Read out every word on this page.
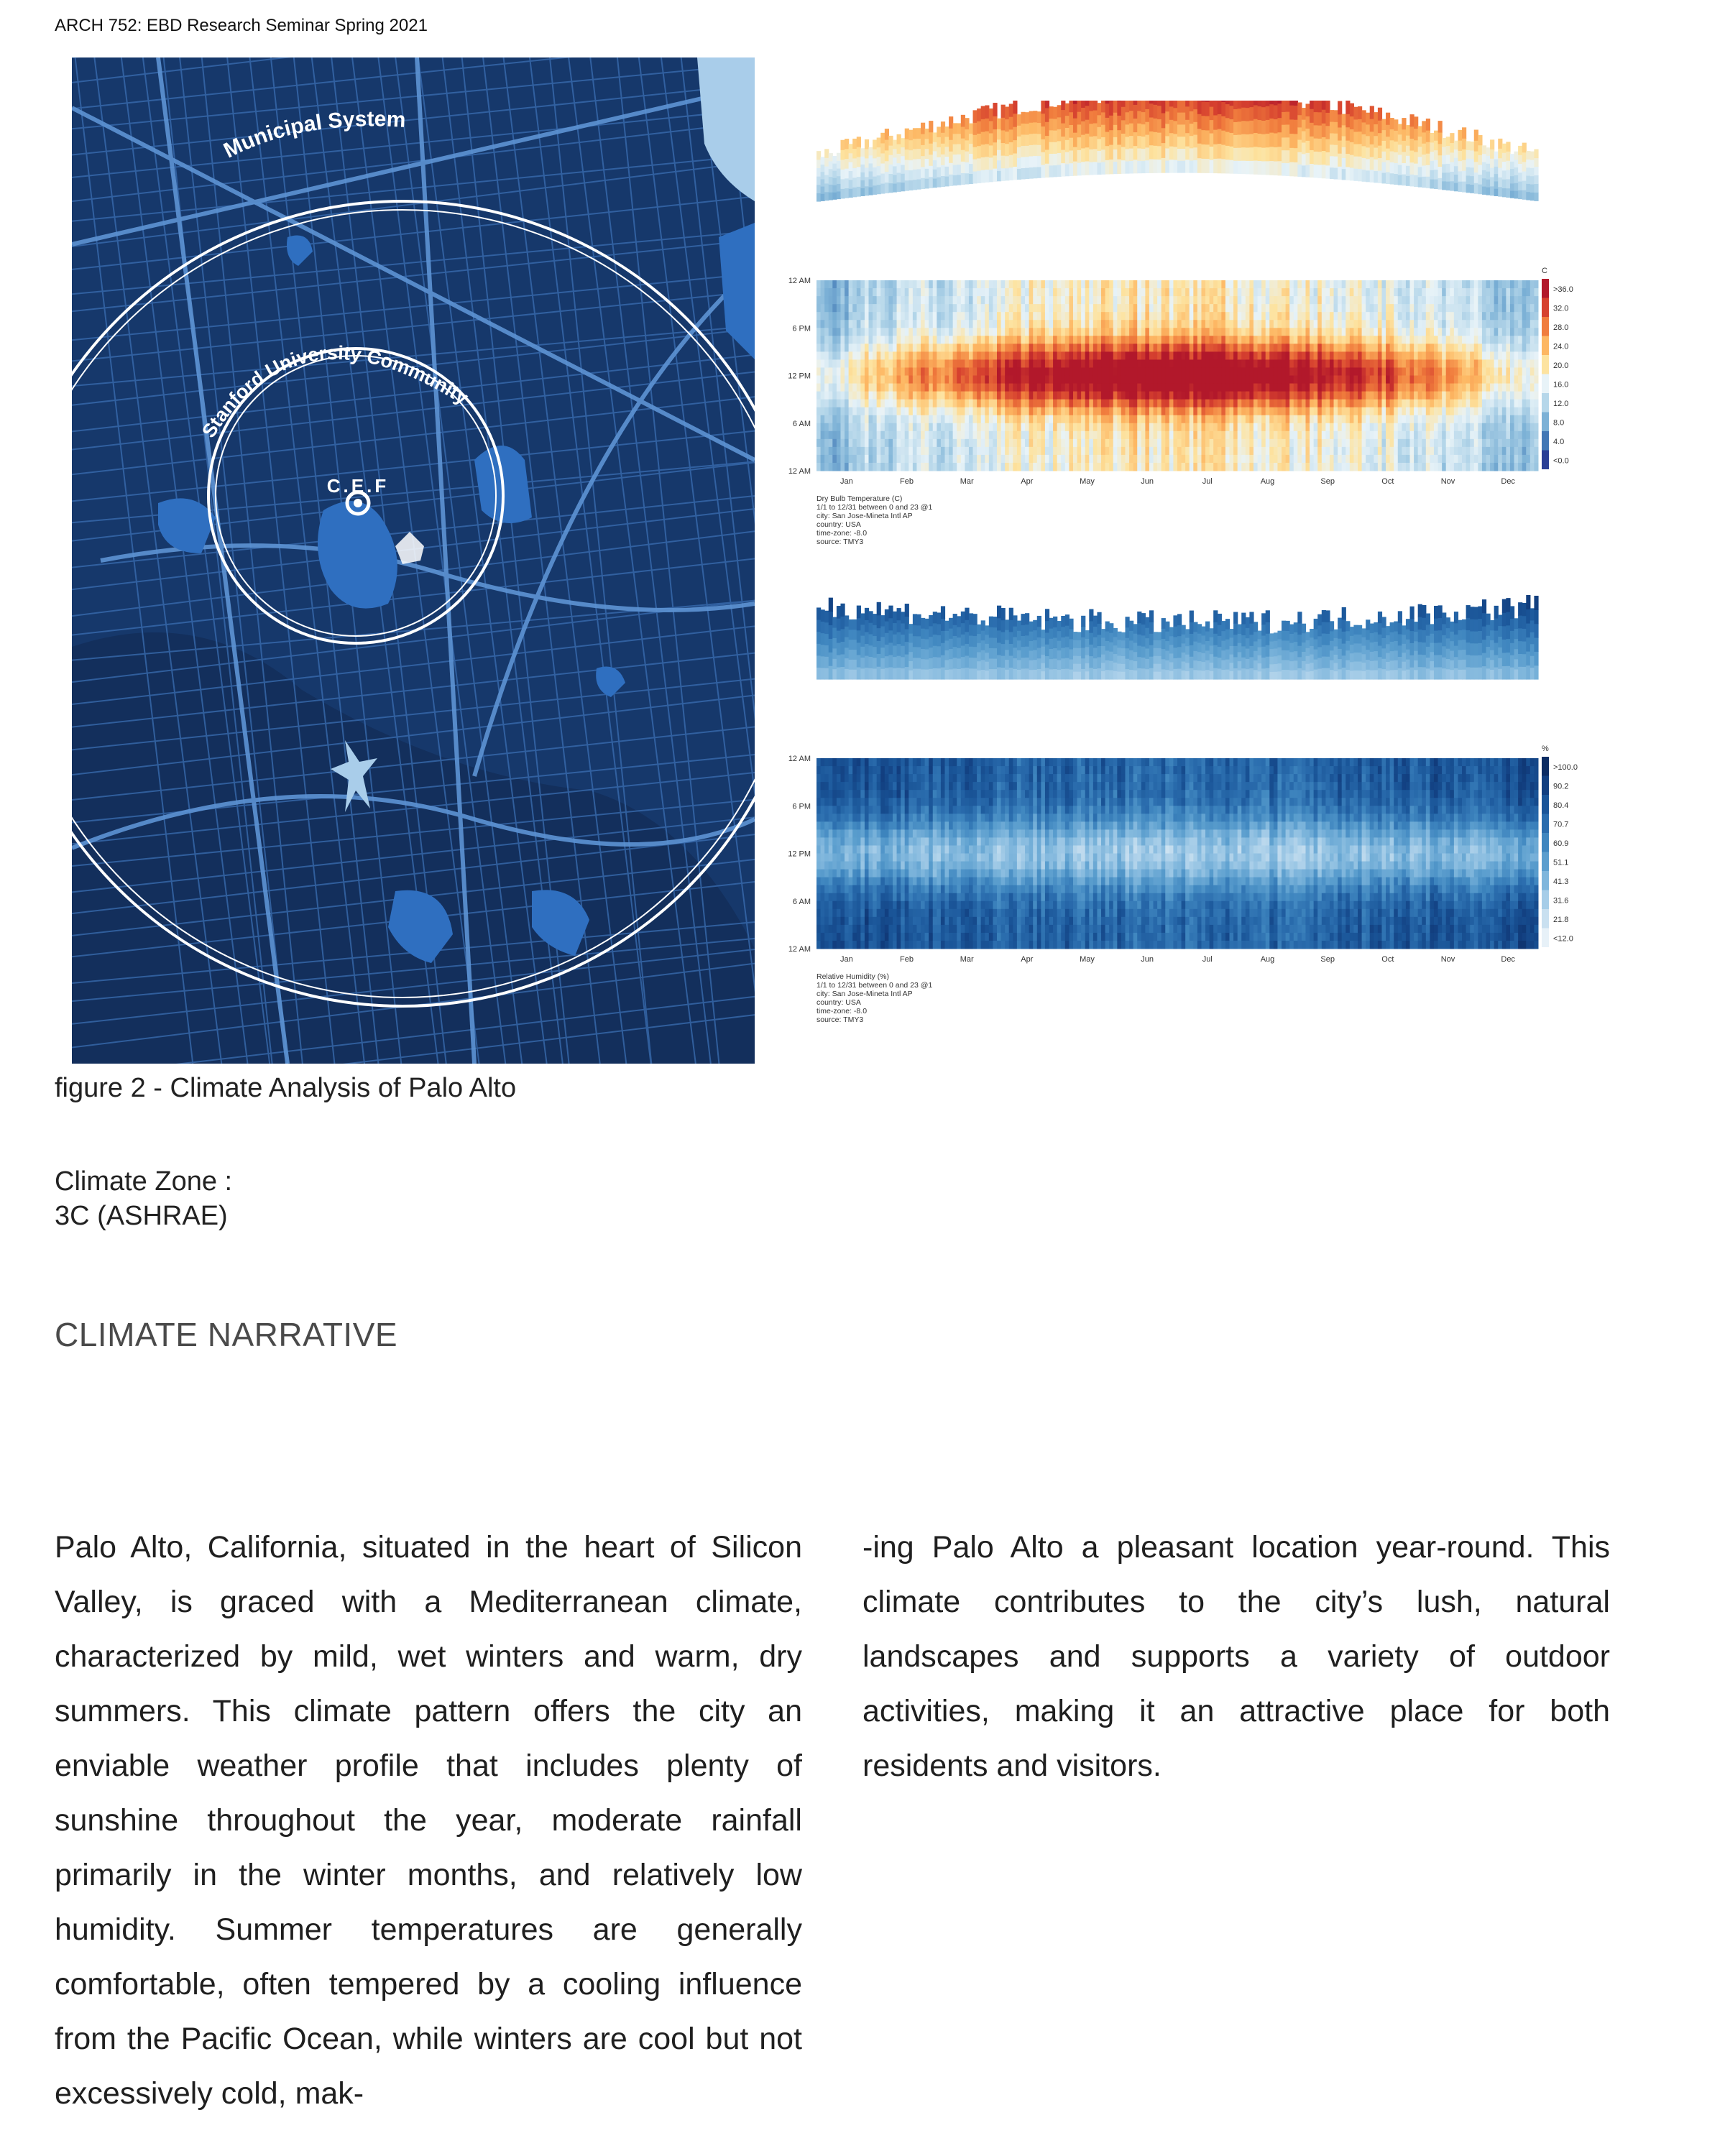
ARCH 752: EBD Research Seminar Spring 2021
Municipal System
Stanford University Community
C.E.F
12 AM
6 PM
12 PM
6 AM
12 AM
Jan	Feb	Mar	Apr	May	Jun	Jul	Aug	Sep	Oct	Nov	Dec
Dry Bulb Temperature (C)
1/1 to 12/31 between 0 and 23 @1
city: San Jose-Mineta Intl AP
country: USA
time-zone: -8.0
source: TMY3
C
>36.0
32.0
28.0
24.0
20.0
16.0
12.0
8.0
4.0
<0.0
12 AM
6 PM
12 PM
6 AM
12 AM
Jan	Feb	Mar	Apr	May	Jun	Jul	Aug	Sep	Oct	Nov	Dec
Relative Humidity (%)
1/1 to 12/31 between 0 and 23 @1
city: San Jose-Mineta Intl AP
country: USA
time-zone: -8.0
source: TMY3
%
>100.0
90.2
80.4
70.7
60.9
51.1
41.3
31.6
21.8
<12.0
figure 2 - Climate Analysis of Palo Alto
Climate Zone :
3C (ASHRAE)
CLIMATE NARRATIVE
Palo Alto, California, situated in the heart of Silicon Valley, is graced with a Mediterranean climate, characterized by mild, wet winters and warm, dry summers. This climate pattern offers the city an enviable weather profile that includes plenty of sunshine throughout the year, moderate rainfall primarily in the winter months, and relatively low humidity. Summer temperatures are generally comfortable, often tempered by a cooling influence from the Pacific Ocean, while winters are cool but not excessively cold, mak-
-ing Palo Alto a pleasant location year-round. This climate contributes to the city’s lush, natural landscapes and supports a variety of outdoor activities, making it an attractive place for both residents and visitors.
